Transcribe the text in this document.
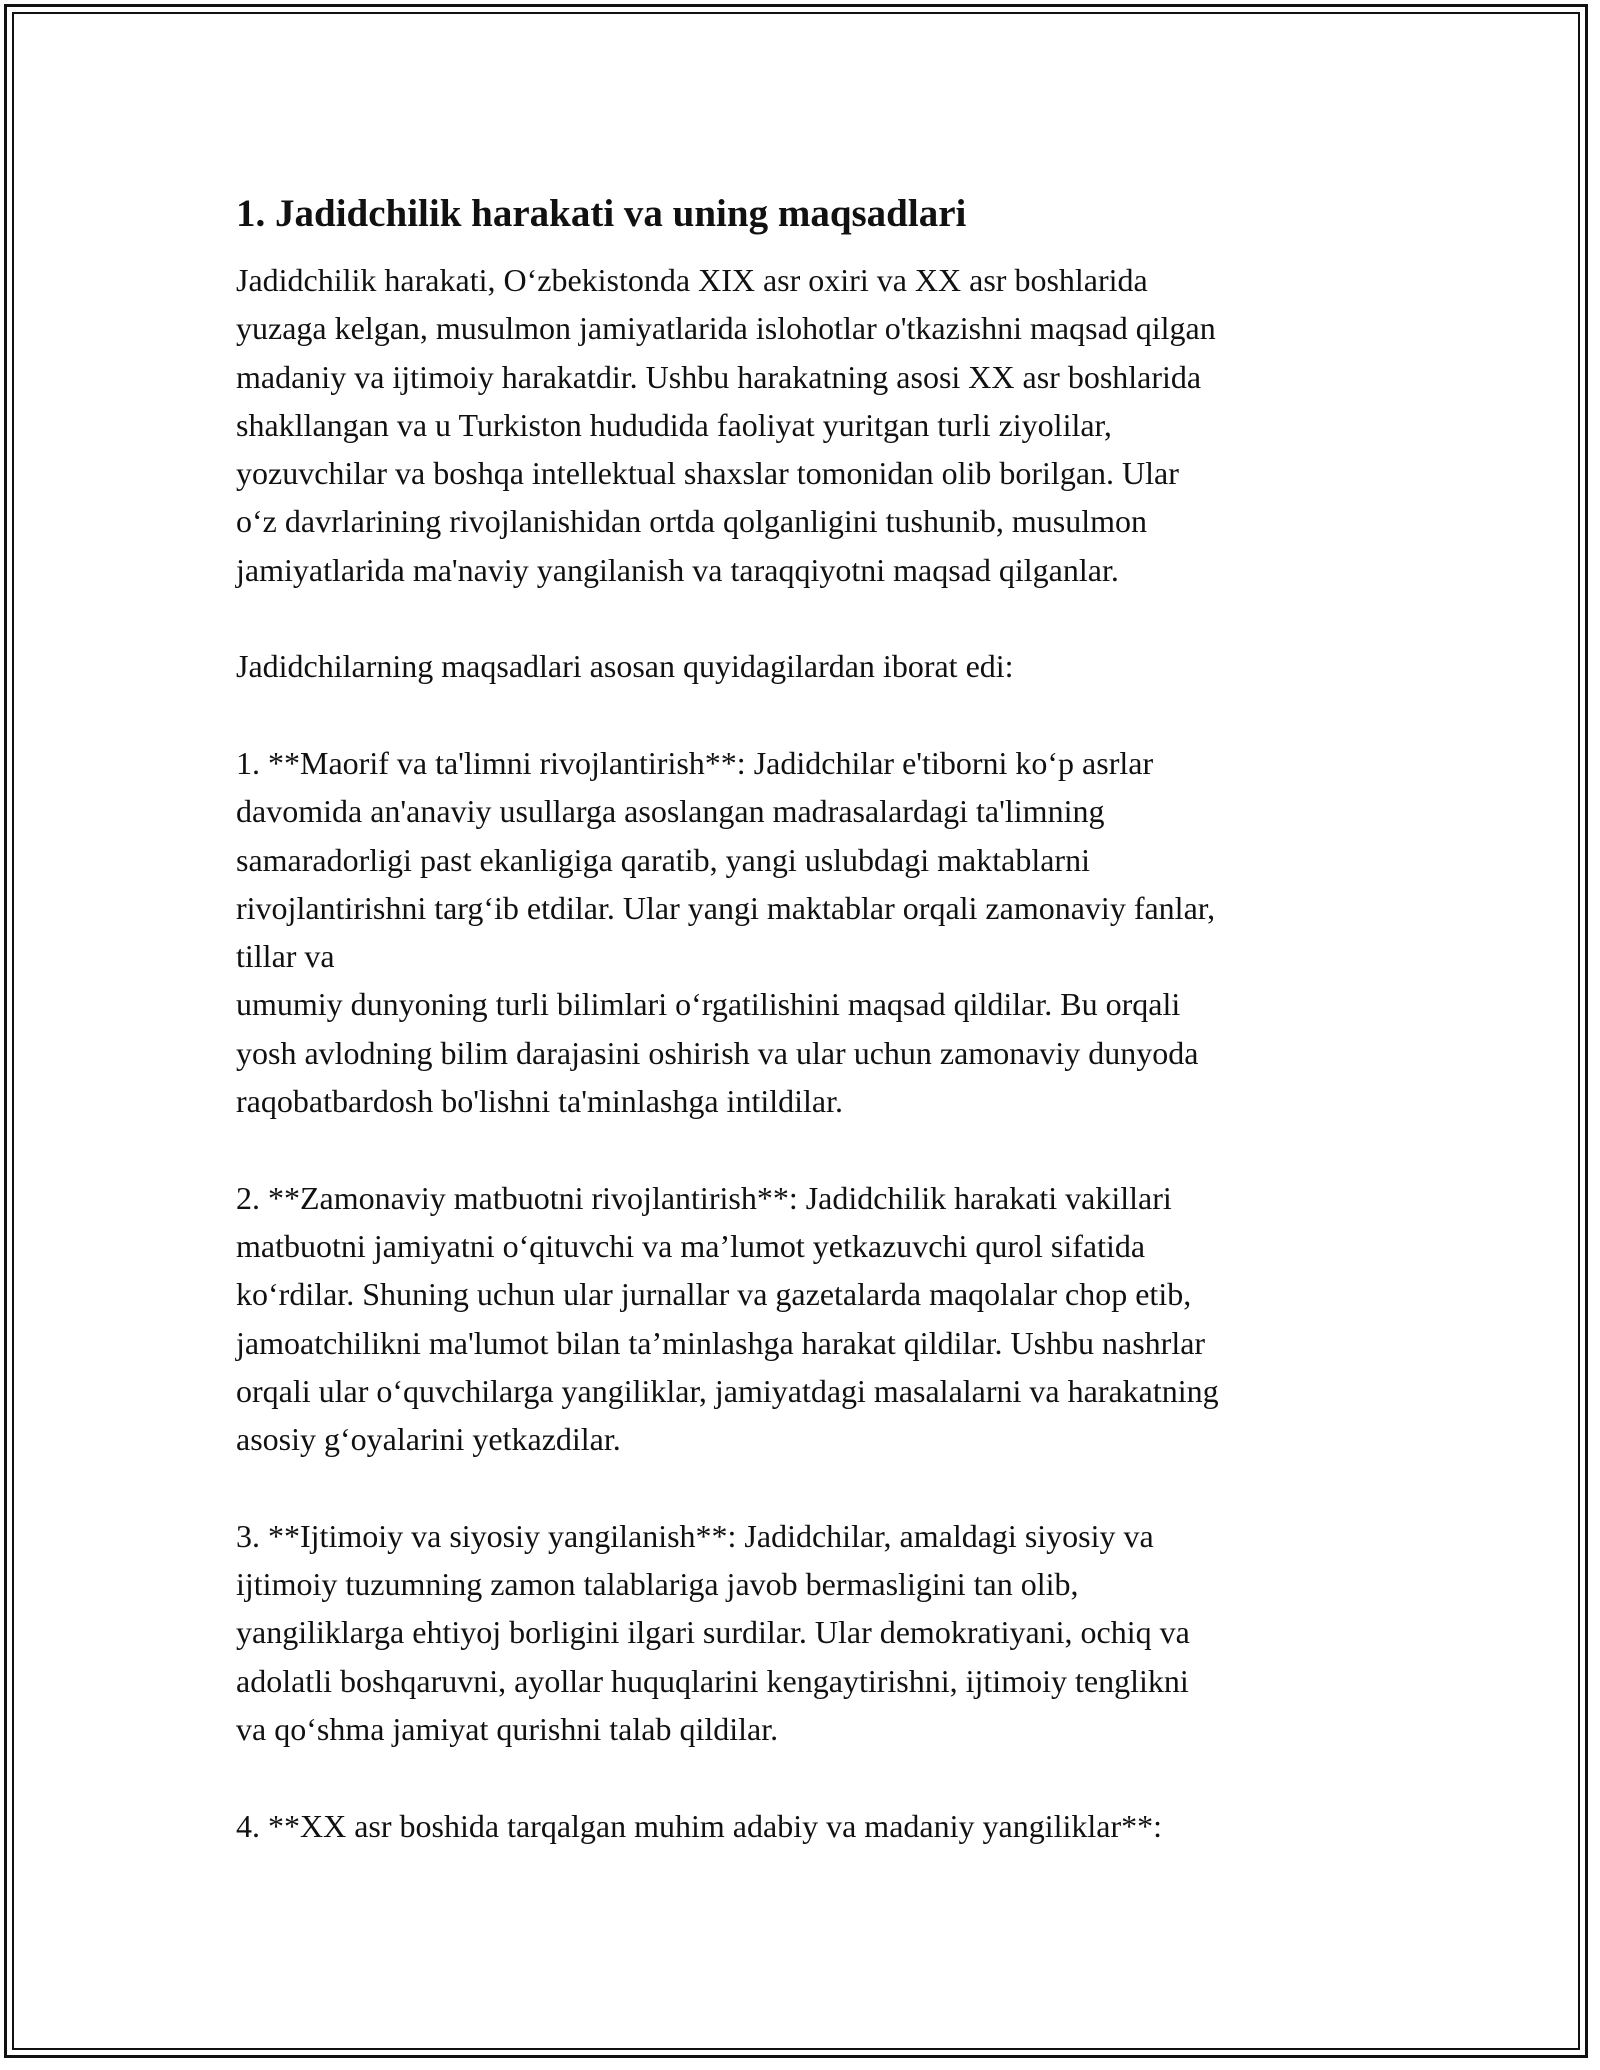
1. Jadidchilik harakati va uning maqsadlari

Jadidchilik harakati, O‘zbekistonda XIX asr oxiri va XX asr boshlarida
yuzaga kelgan, musulmon jamiyatlarida islohotlar o'tkazishni maqsad qilgan
madaniy va ijtimoiy harakatdir. Ushbu harakatning asosi XX asr boshlarida
shakllangan va u Turkiston hududida faoliyat yuritgan turli ziyolilar,
yozuvchilar va boshqa intellektual shaxslar tomonidan olib borilgan. Ular
o‘z davrlarining rivojlanishidan ortda qolganligini tushunib, musulmon
jamiyatlarida ma'naviy yangilanish va taraqqiyotni maqsad qilganlar.

Jadidchilarning maqsadlari asosan quyidagilardan iborat edi:

1. **Maorif va ta'limni rivojlantirish**: Jadidchilar e'tiborni ko‘p asrlar
davomida an'anaviy usullarga asoslangan madrasalardagi ta'limning
samaradorligi past ekanligiga qaratib, yangi uslubdagi maktablarni
rivojlantirishni targ‘ib etdilar. Ular yangi maktablar orqali zamonaviy fanlar,
tillar va
umumiy dunyoning turli bilimlari o‘rgatilishini maqsad qildilar. Bu orqali
yosh avlodning bilim darajasini oshirish va ular uchun zamonaviy dunyoda
raqobatbardosh bo'lishni ta'minlashga intildilar.

2. **Zamonaviy matbuotni rivojlantirish**: Jadidchilik harakati vakillari
matbuotni jamiyatni o‘qituvchi va ma’lumot yetkazuvchi qurol sifatida
ko‘rdilar. Shuning uchun ular jurnallar va gazetalarda maqolalar chop etib,
jamoatchilikni ma'lumot bilan ta’minlashga harakat qildilar. Ushbu nashrlar
orqali ular o‘quvchilarga yangiliklar, jamiyatdagi masalalarni va harakatning
asosiy g‘oyalarini yetkazdilar.

3. **Ijtimoiy va siyosiy yangilanish**: Jadidchilar, amaldagi siyosiy va
ijtimoiy tuzumning zamon talablariga javob bermasligini tan olib,
yangiliklarga ehtiyoj borligini ilgari surdilar. Ular demokratiyani, ochiq va
adolatli boshqaruvni, ayollar huquqlarini kengaytirishni, ijtimoiy tenglikni
va qo‘shma jamiyat qurishni talab qildilar.

4. **XX asr boshida tarqalgan muhim adabiy va madaniy yangiliklar**:
